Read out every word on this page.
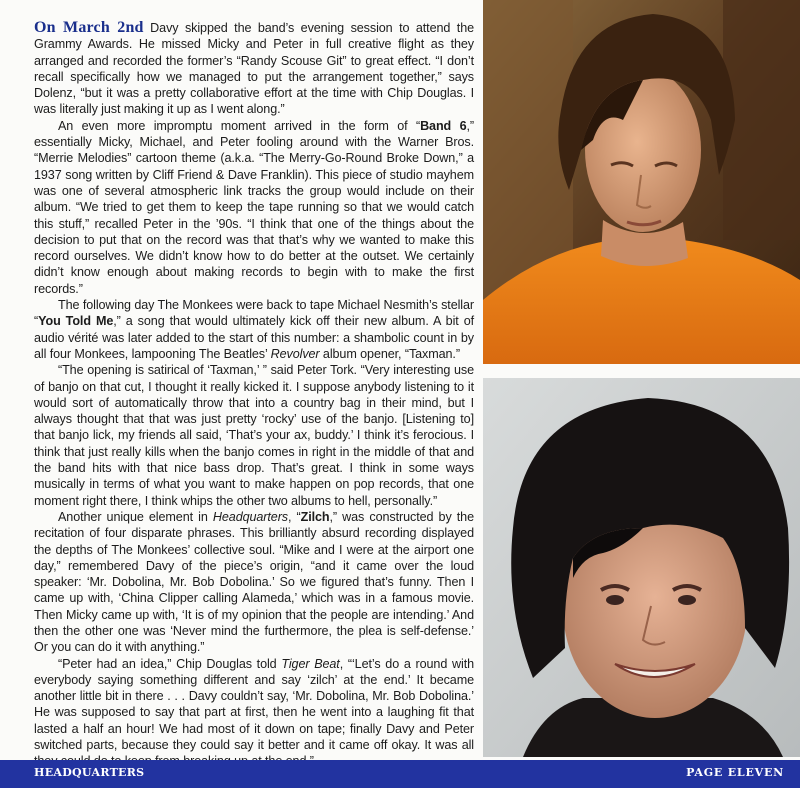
On March 2nd Davy skipped the band’s evening session to attend the Grammy Awards. He missed Micky and Peter in full creative flight as they arranged and recorded the former’s “Randy Scouse Git” to great effect. “I don’t recall specifically how we managed to put the arrangement together,” says Dolenz, “but it was a pretty collaborative effort at the time with Chip Douglas. I was literally just making it up as I went along.”

An even more impromptu moment arrived in the form of “Band 6,” essentially Micky, Michael, and Peter fooling around with the Warner Bros. “Merrie Melodies” cartoon theme (a.k.a. “The Merry-Go-Round Broke Down,” a 1937 song written by Cliff Friend & Dave Franklin). This piece of studio mayhem was one of several atmospheric link tracks the group would include on their album. “We tried to get them to keep the tape running so that we would catch this stuff,” recalled Peter in the ’90s. “I think that one of the things about the decision to put that on the record was that that’s why we wanted to make this record ourselves. We didn’t know how to do better at the outset. We certainly didn’t know enough about making records to begin with to make the first records.”

The following day The Monkees were back to tape Michael Nesmith’s stellar “You Told Me,” a song that would ultimately kick off their new album. A bit of audio vérité was later added to the start of this number: a shambolic count in by all four Monkees, lampooning The Beatles’ Revolver album opener, “Taxman.”

“The opening is satirical of ‘Taxman,’ ” said Peter Tork. “Very interesting use of banjo on that cut, I thought it really kicked it. I suppose anybody listening to it would sort of automatically throw that into a country bag in their mind, but I always thought that that was just pretty ‘rocky’ use of the banjo. [Listening to] that banjo lick, my friends all said, ‘That’s your ax, buddy.’ I think it’s ferocious. I think that just really kills when the banjo comes in right in the middle of that and the band hits with that nice bass drop. That’s great. I think in some ways musically in terms of what you want to make happen on pop records, that one moment right there, I think whips the other two albums to hell, personally.”

Another unique element in Headquarters, “Zilch,” was constructed by the recitation of four disparate phrases. This brilliantly absurd recording displayed the depths of The Monkees’ collective soul. “Mike and I were at the airport one day,” remembered Davy of the piece’s origin, “and it came over the loud speaker: ‘Mr. Dobolina, Mr. Bob Dobolina.’ So we figured that’s funny. Then I came up with, ‘China Clipper calling Alameda,’ which was in a famous movie. Then Micky came up with, ‘It is of my opinion that the people are intending.’ And then the other one was ‘Never mind the furthermore, the plea is self-defense.’ Or you can do it with anything.”

“Peter had an idea,” Chip Douglas told Tiger Beat, “‘Let’s do a round with everybody saying something different and say ‘zilch’ at the end.’ It became another little bit in there . . . Davy couldn’t say, ‘Mr. Dobolina, Mr. Bob Dobolina.’ He was supposed to say that part at first, then he went into a laughing fit that lasted a half an hour! We had most of it down on tape; finally Davy and Peter switched parts, because they could say it better and it came off okay. It was all

HEADQUARTERS	PAGE ELEVEN
